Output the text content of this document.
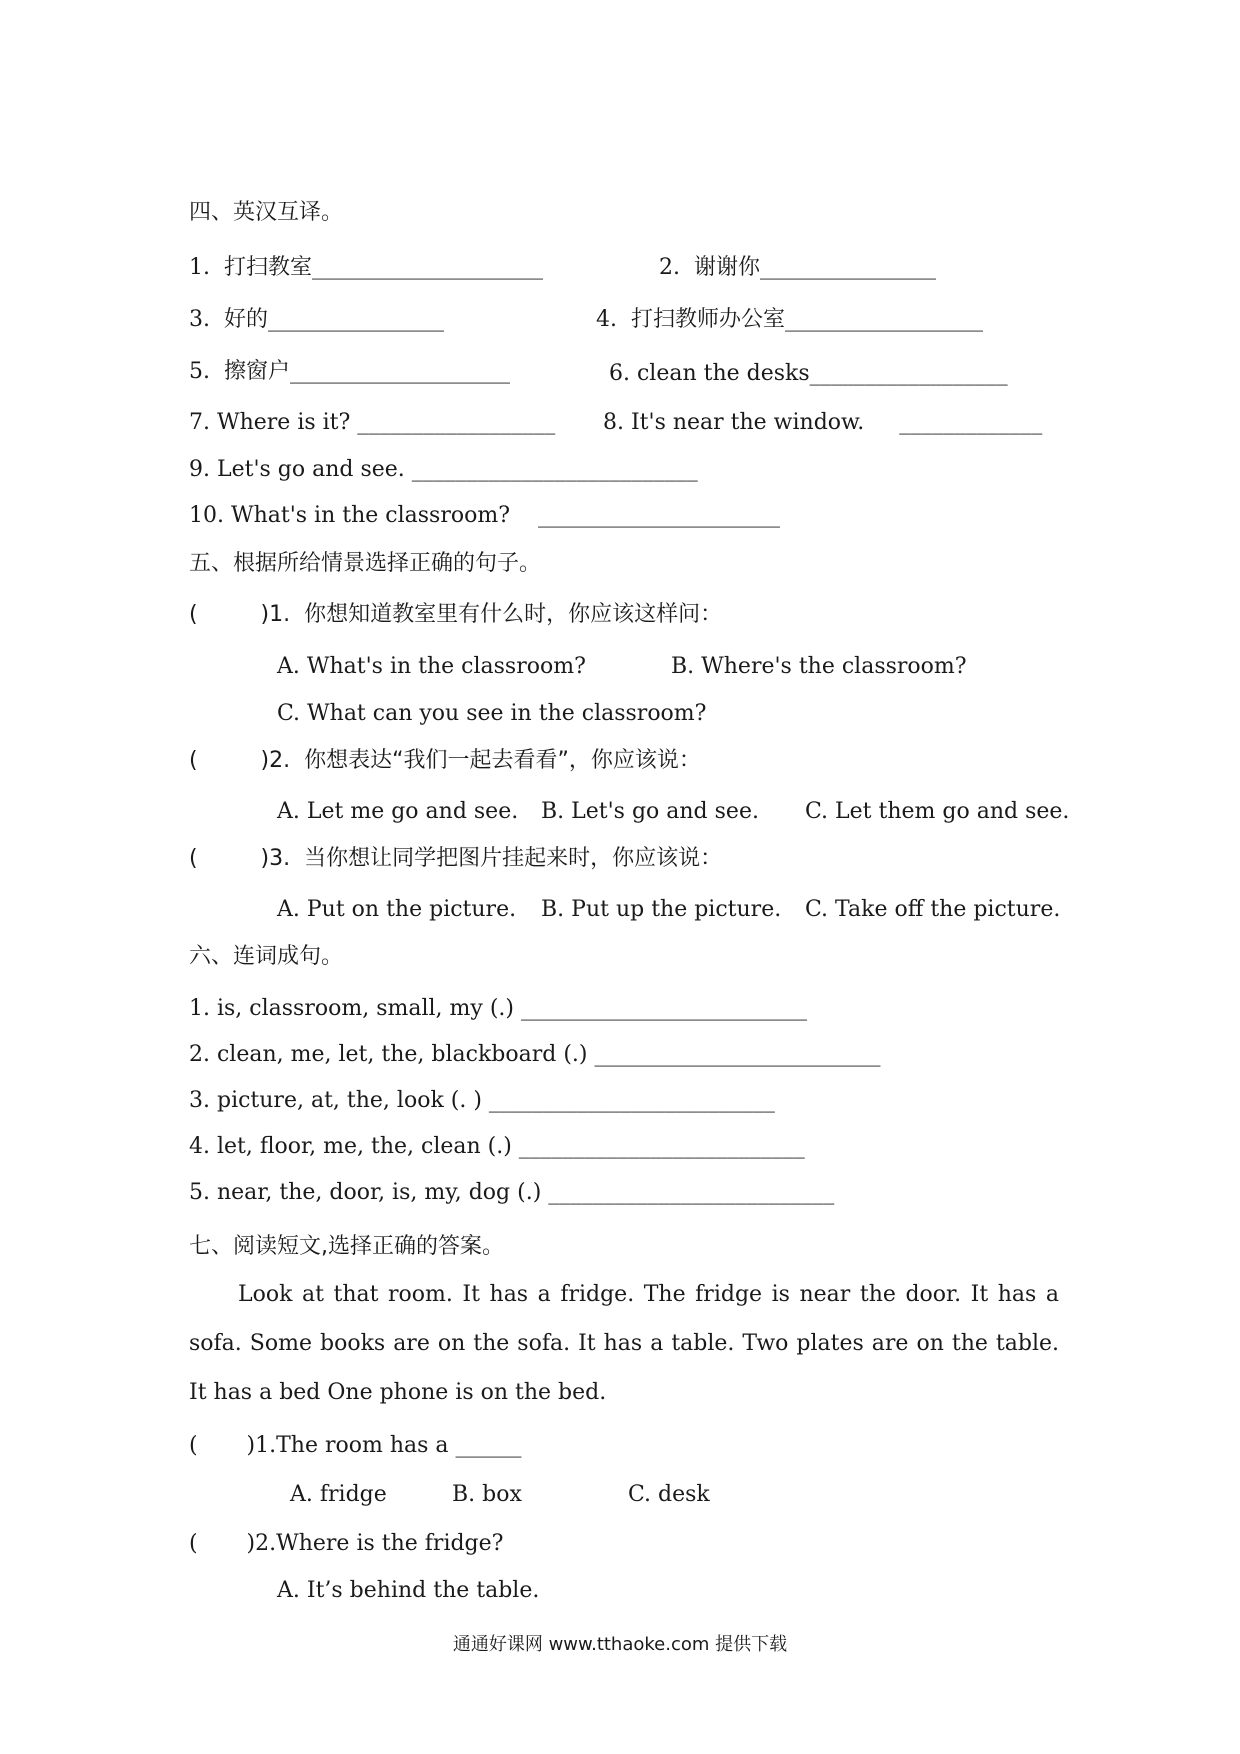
四、英汉互译。
1.  打扫教室_____________________	2.  谢谢你________________
3.  好的________________	4.  打扫教师办公室__________________
5.  擦窗户____________________	6. clean the desks__________________
7. Where is it? __________________ 8. It's near the window.     _____________
9. Let's go and see. __________________________
10. What's in the classroom?    ______________________
五、根据所给情景选择正确的句子。
(         )1.  你想知道教室里有什么时，你应该这样问：
A. What's in the classroom?	B. Where's the classroom?
C. What can you see in the classroom?
(         )2.  你想表达“我们一起去看看”，你应该说：
A. Let me go and see. B. Let's go and see. C. Let them go and see.
(         )3.  当你想让同学把图片挂起来时，你应该说：
A. Put on the picture. B. Put up the picture. C. Take off the picture.
六、连词成句。
1. is, classroom, small, my (.) __________________________
2. clean, me, let, the, blackboard (.) __________________________
3. picture, at, the, look (. ) __________________________
4. let, floor, me, the, clean (.) __________________________
5. near, the, door, is, my, dog (.) __________________________
七、阅读短文,选择正确的答案。
Look at that room. It has a fridge. The fridge is near the door. It has a sofa. Some books are on the sofa. It has a table. Two plates are on the table. It has a bed One phone is on the bed.
(       )1.The room has a ______
A. fridge	B. box	C. desk
(       )2.Where is the fridge?
A. It’s behind the table.
通通好课网 www.tthaoke.com 提供下载
